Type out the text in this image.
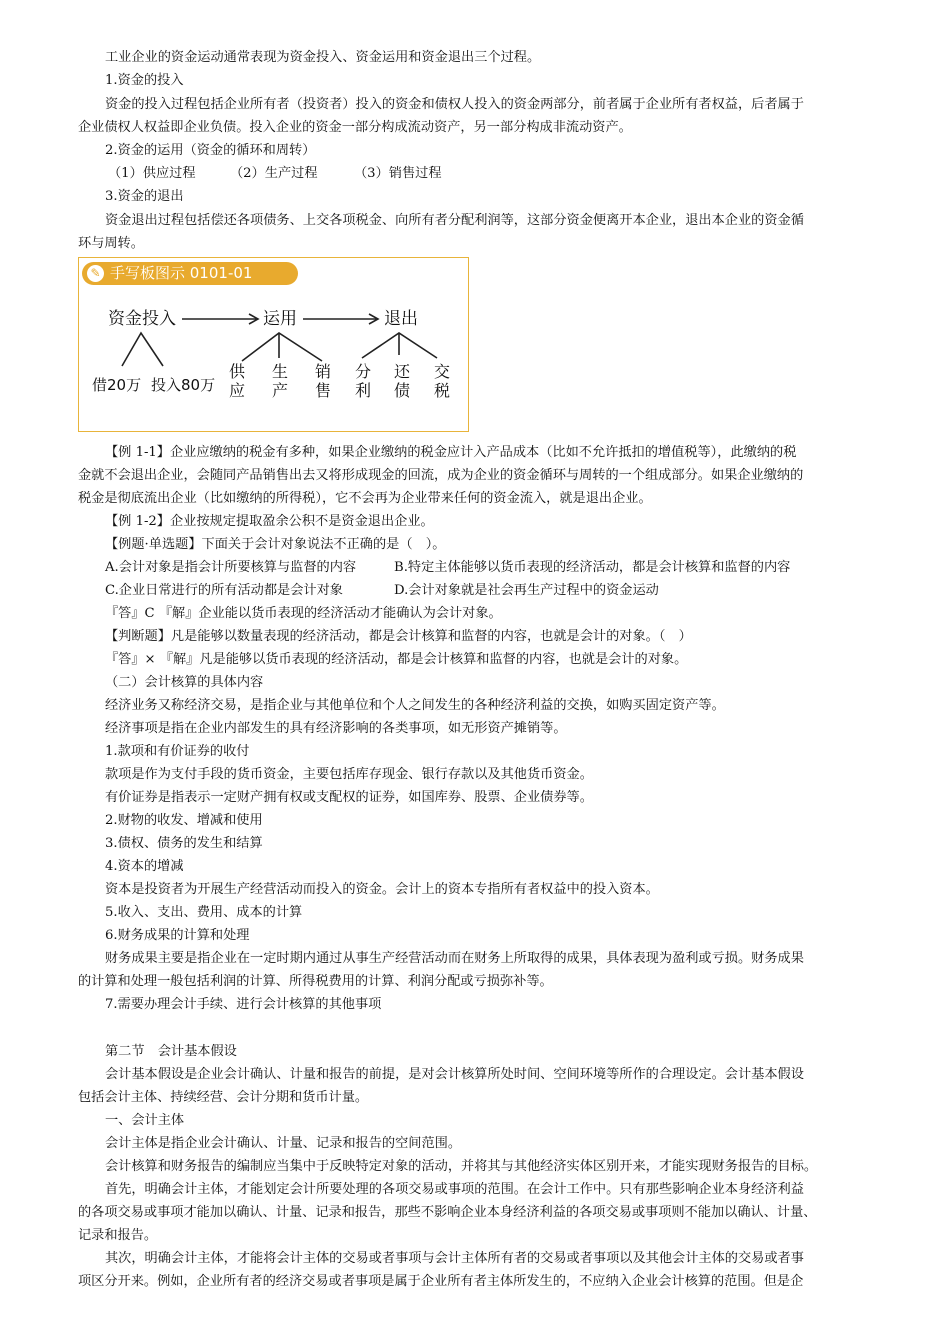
工业企业的资金运动通常表现为资金投入、资金运用和资金退出三个过程。
1.资金的投入
资金的投入过程包括企业所有者（投资者）投入的资金和债权人投入的资金两部分，前者属于企业所有者权益，后者属于
企业债权人权益即企业负债。投入企业的资金一部分构成流动资产，另一部分构成非流动资产。
2.资金的运用（资金的循环和周转）
（1）供应过程	（2）生产过程	（3）销售过程
3.资金的退出
资金退出过程包括偿还各项债务、上交各项税金、向所有者分配利润等，这部分资金便离开本企业，退出本企业的资金循
环与周转。
✎ 手写板图示 0101-01
资金投入	运用	退出
借20万 投入80万
供应
生产
销售
分利
还债
交税
【例 1-1】企业应缴纳的税金有多种，如果企业缴纳的税金应计入产品成本（比如不允许抵扣的增值税等），此缴纳的税
金就不会退出企业，会随同产品销售出去又将形成现金的回流，成为企业的资金循环与周转的一个组成部分。如果企业缴纳的
税金是彻底流出企业（比如缴纳的所得税），它不会再为企业带来任何的资金流入，就是退出企业。
【例 1-2】企业按规定提取盈余公积不是资金退出企业。
【例题·单选题】下面关于会计对象说法不正确的是（　）。
A.会计对象是指会计所要核算与监督的内容	B.特定主体能够以货币表现的经济活动，都是会计核算和监督的内容
C.企业日常进行的所有活动都是会计对象	D.会计对象就是社会再生产过程中的资金运动
『答』C 『解』企业能以货币表现的经济活动才能确认为会计对象。
【判断题】凡是能够以数量表现的经济活动，都是会计核算和监督的内容，也就是会计的对象。（　）
『答』× 『解』凡是能够以货币表现的经济活动，都是会计核算和监督的内容，也就是会计的对象。
（二）会计核算的具体内容
经济业务又称经济交易，是指企业与其他单位和个人之间发生的各种经济利益的交换，如购买固定资产等。
经济事项是指在企业内部发生的具有经济影响的各类事项，如无形资产摊销等。
1.款项和有价证券的收付
款项是作为支付手段的货币资金，主要包括库存现金、银行存款以及其他货币资金。
有价证券是指表示一定财产拥有权或支配权的证券，如国库券、股票、企业债券等。
2.财物的收发、增减和使用
3.债权、债务的发生和结算
4.资本的增减
资本是投资者为开展生产经营活动而投入的资金。会计上的资本专指所有者权益中的投入资本。
5.收入、支出、费用、成本的计算
6.财务成果的计算和处理
财务成果主要是指企业在一定时期内通过从事生产经营活动而在财务上所取得的成果，具体表现为盈利或亏损。财务成果
的计算和处理一般包括利润的计算、所得税费用的计算、利润分配或亏损弥补等。
7.需要办理会计手续、进行会计核算的其他事项
第二节　会计基本假设
会计基本假设是企业会计确认、计量和报告的前提，是对会计核算所处时间、空间环境等所作的合理设定。会计基本假设
包括会计主体、持续经营、会计分期和货币计量。
一、会计主体
会计主体是指企业会计确认、计量、记录和报告的空间范围。
会计核算和财务报告的编制应当集中于反映特定对象的活动，并将其与其他经济实体区别开来，才能实现财务报告的目标。
首先，明确会计主体，才能划定会计所要处理的各项交易或事项的范围。在会计工作中。只有那些影响企业本身经济利益
的各项交易或事项才能加以确认、计量、记录和报告，那些不影响企业本身经济利益的各项交易或事项则不能加以确认、计量、
记录和报告。
其次，明确会计主体，才能将会计主体的交易或者事项与会计主体所有者的交易或者事项以及其他会计主体的交易或者事
项区分开来。例如，企业所有者的经济交易或者事项是属于企业所有者主体所发生的，不应纳入企业会计核算的范围。但是企
